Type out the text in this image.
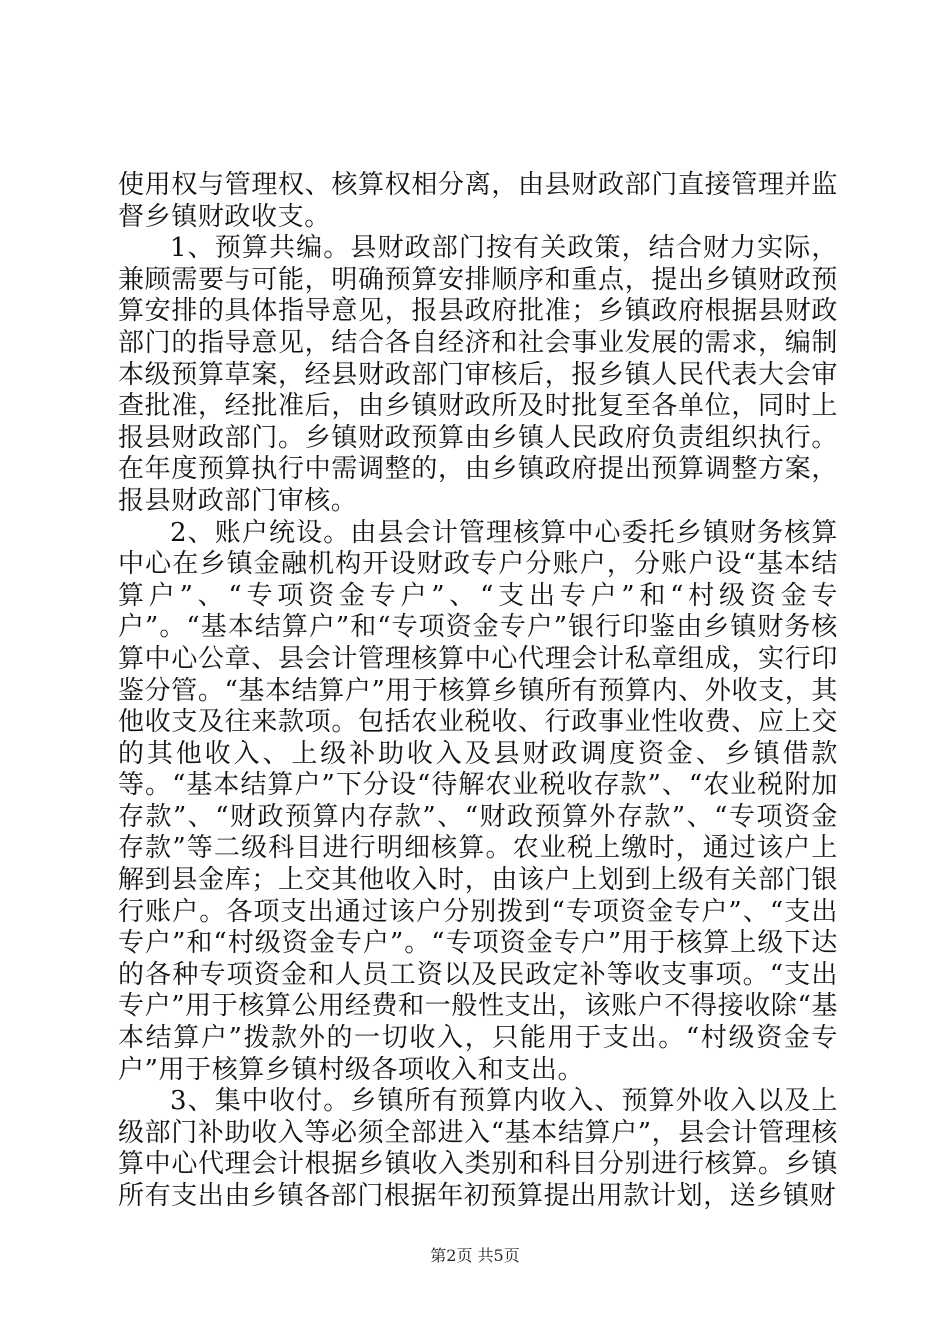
使用权与管理权、核算权相分离，由县财政部门直接管理并监督乡镇财政收支。

1、预算共编。县财政部门按有关政策，结合财力实际，兼顾需要与可能，明确预算安排顺序和重点，提出乡镇财政预算安排的具体指导意见，报县政府批准；乡镇政府根据县财政部门的指导意见，结合各自经济和社会事业发展的需求，编制本级预算草案，经县财政部门审核后，报乡镇人民代表大会审查批准，经批准后，由乡镇财政所及时批复至各单位，同时上报县财政部门。乡镇财政预算由乡镇人民政府负责组织执行。在年度预算执行中需调整的，由乡镇政府提出预算调整方案，报县财政部门审核。

2、账户统设。由县会计管理核算中心委托乡镇财务核算中心在乡镇金融机构开设财政专户分账户，分账户设“基本结算户”、“专项资金专户”、“支出专户”和“村级资金专户”。“基本结算户”和“专项资金专户”银行印鉴由乡镇财务核算中心公章、县会计管理核算中心代理会计私章组成，实行印鉴分管。“基本结算户”用于核算乡镇所有预算内、外收支，其他收支及往来款项。包括农业税收、行政事业性收费、应上交的其他收入、上级补助收入及县财政调度资金、乡镇借款等。“基本结算户”下分设“待解农业税收存款”、“农业税附加存款”、“财政预算内存款”、“财政预算外存款”、“专项资金存款”等二级科目进行明细核算。农业税上缴时，通过该户上解到县金库；上交其他收入时，由该户上划到上级有关部门银行账户。各项支出通过该户分别拨到“专项资金专户”、“支出专户”和“村级资金专户”。“专项资金专户”用于核算上级下达的各种专项资金和人员工资以及民政定补等收支事项。“支出专户”用于核算公用经费和一般性支出，该账户不得接收除“基本结算户”拨款外的一切收入，只能用于支出。“村级资金专户”用于核算乡镇村级各项收入和支出。

3、集中收付。乡镇所有预算内收入、预算外收入以及上级部门补助收入等必须全部进入“基本结算户”，县会计管理核算中心代理会计根据乡镇收入类别和科目分别进行核算。乡镇所有支出由乡镇各部门根据年初预算提出用款计划，送乡镇财

第2页 共5页
